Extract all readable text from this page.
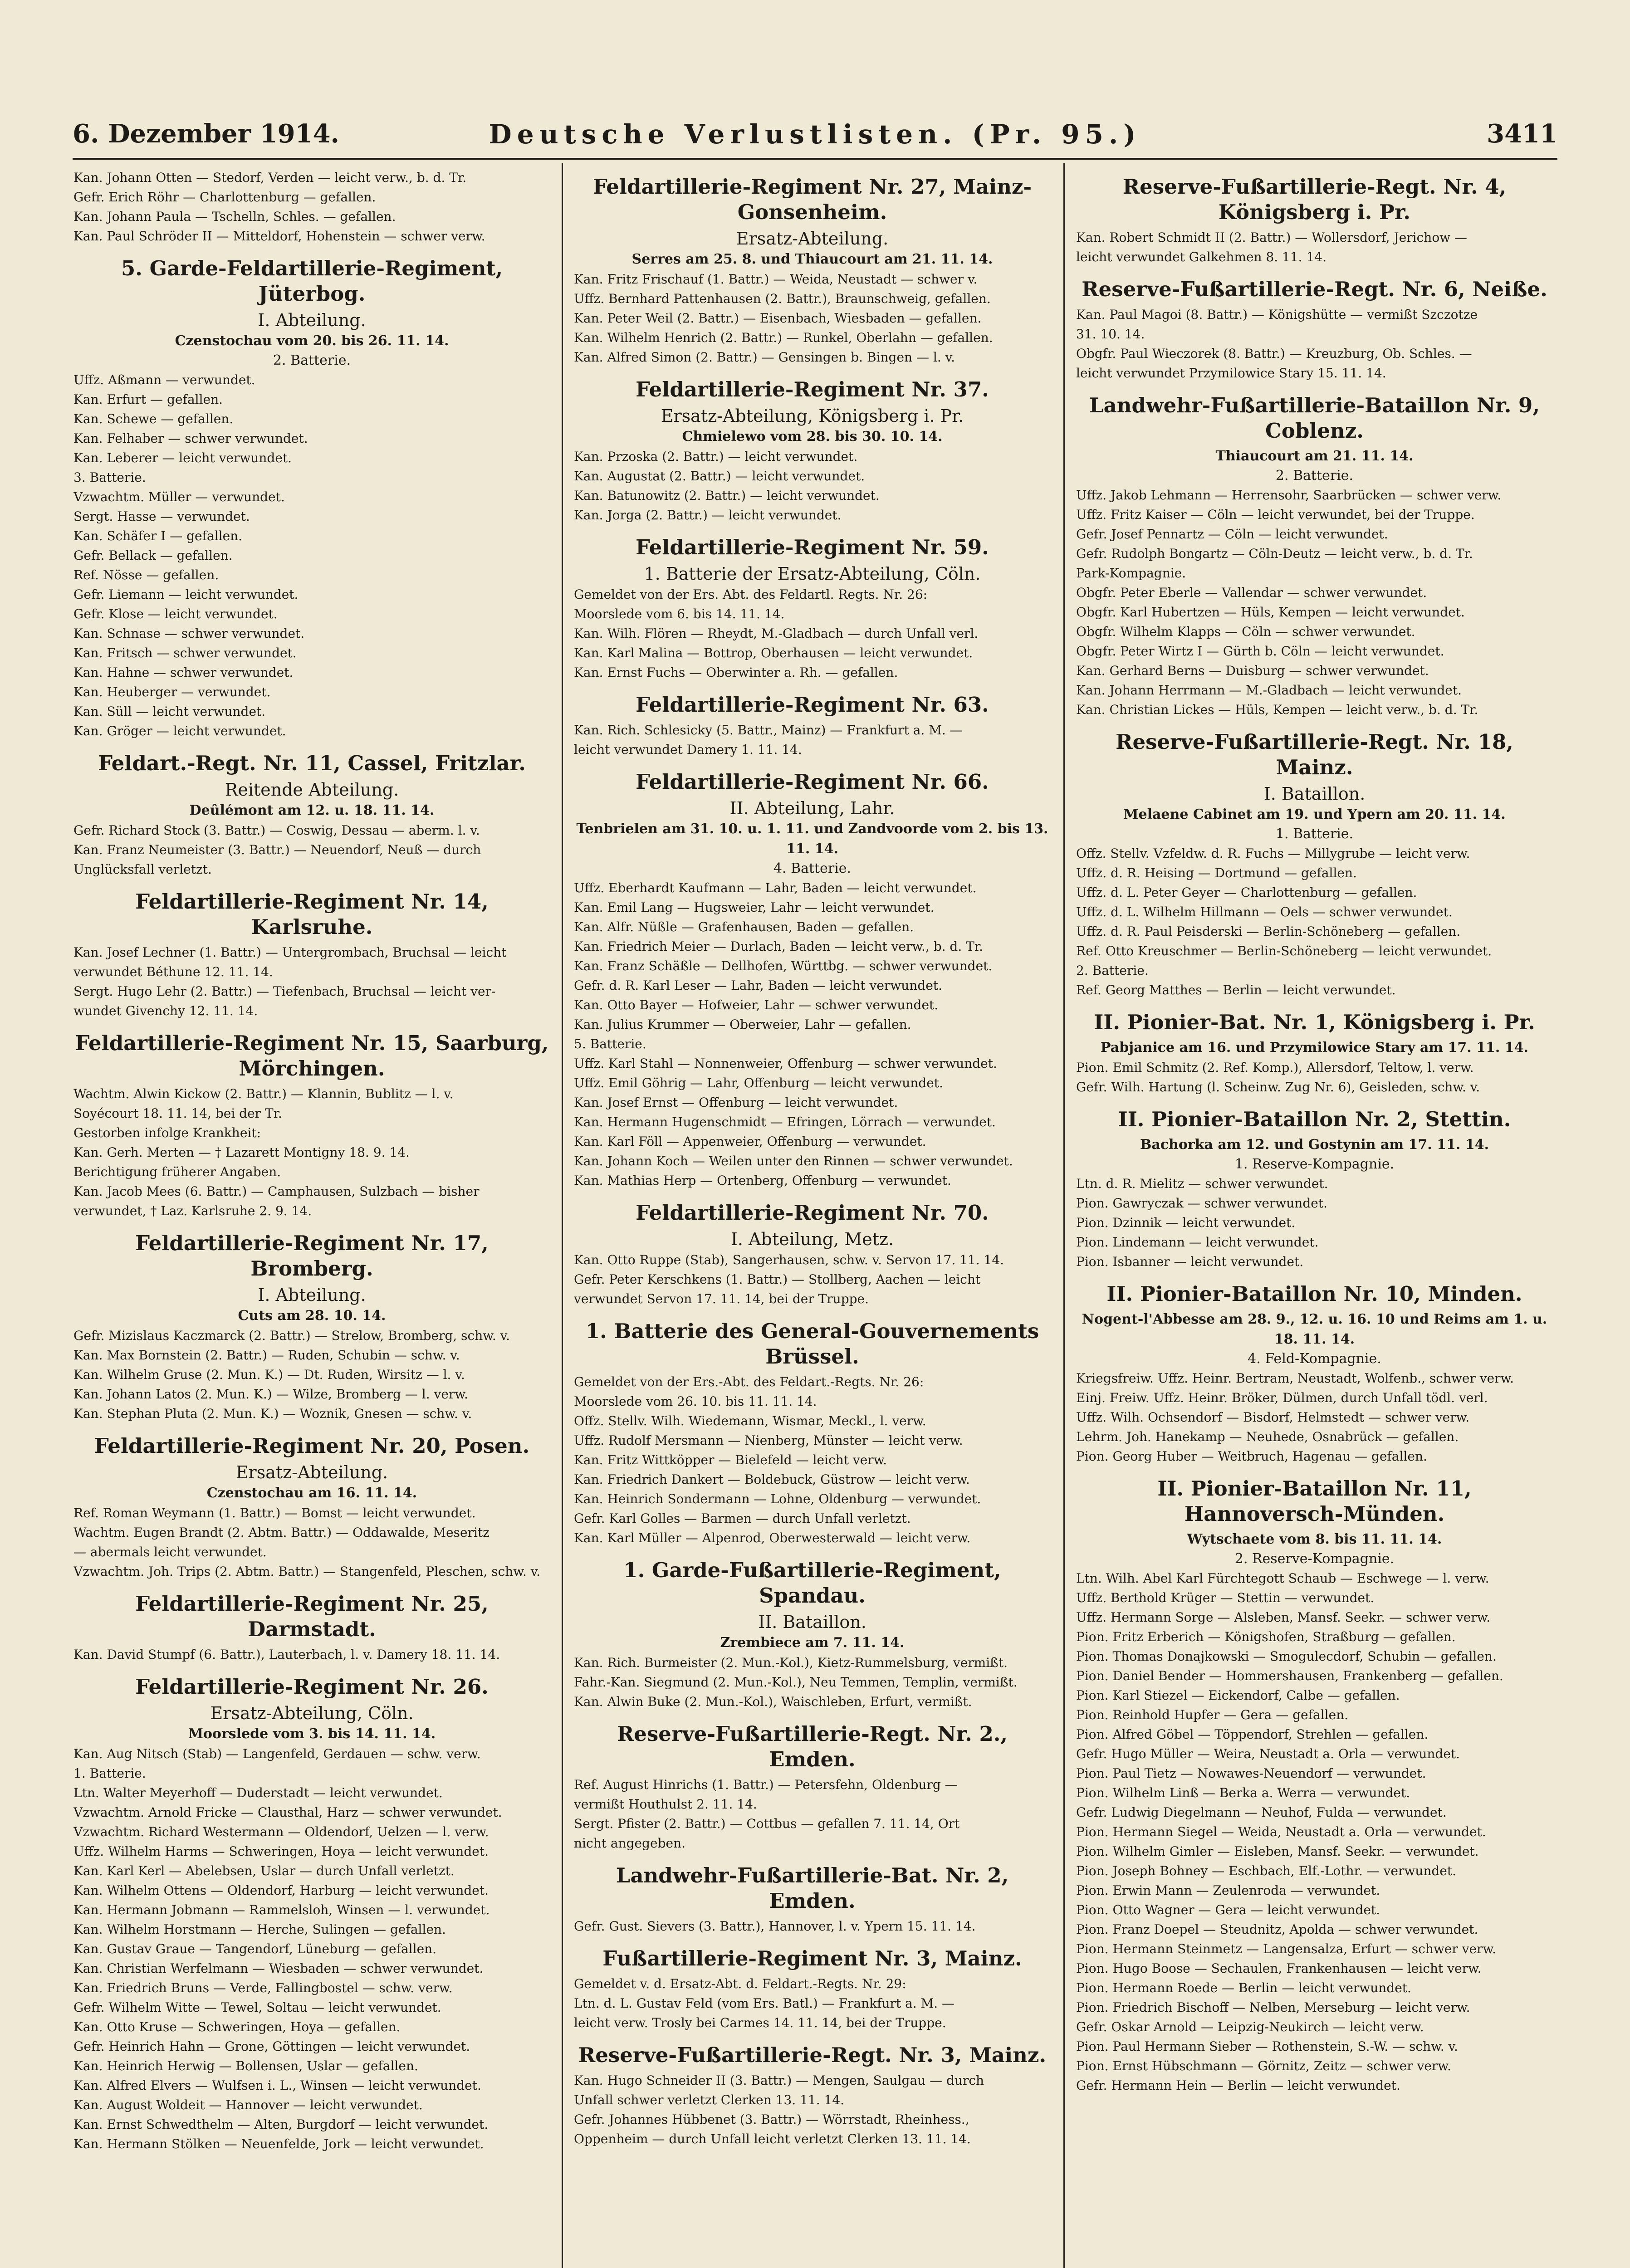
6. Dezember 1914.	Deutsche Verlustlisten. (Pr. 95.)	3411
Kan. Johann Otten — Stedorf, Verden — leicht verw., b. d. Tr.
Gefr. Erich Röhr — Charlottenburg — gefallen.
Kan. Johann Paula — Tschelln, Schles. — gefallen.
Kan. Paul Schröder II — Mitteldorf, Hohenstein — schwer verw.
5. Garde-Feldartillerie-Regiment, Jüterbog.
I. Abteilung.
Czenstochau vom 20. bis 26. 11. 14.
2. Batterie.
Uffz. Aßmann — verwundet.
Kan. Erfurt — gefallen.
Kan. Schewe — gefallen.
Kan. Felhaber — schwer verwundet.
Kan. Leberer — leicht verwundet.
3. Batterie.
Vzwachtm. Müller — verwundet.
Sergt. Hasse — verwundet.
Kan. Schäfer I — gefallen.
Gefr. Bellack — gefallen.
Ref. Nösse — gefallen.
Gefr. Liemann — leicht verwundet.
Gefr. Klose — leicht verwundet.
Kan. Schnase — schwer verwundet.
Kan. Fritsch — schwer verwundet.
Kan. Hahne — schwer verwundet.
Kan. Heuberger — verwundet.
Kan. Süll — leicht verwundet.
Kan. Gröger — leicht verwundet.
Feldart.-Regt. Nr. 11, Cassel, Fritzlar.
Reitende Abteilung.
Deûlémont am 12. u. 18. 11. 14.
Gefr. Richard Stock (3. Battr.) — Coswig, Dessau — aberm. l. v.
Kan. Franz Neumeister (3. Battr.) — Neuendorf, Neuß — durch
Unglücksfall verletzt.
Feldartillerie-Regiment Nr. 14, Karlsruhe.
Kan. Josef Lechner (1. Battr.) — Untergrombach, Bruchsal — leicht
verwundet Béthune 12. 11. 14.
Sergt. Hugo Lehr (2. Battr.) — Tiefenbach, Bruchsal — leicht ver-
wundet Givenchy 12. 11. 14.
Feldartillerie-Regiment Nr. 15, Saarburg, Mörchingen.
Wachtm. Alwin Kickow (2. Battr.) — Klannin, Bublitz — l. v.
Soyécourt 18. 11. 14, bei der Tr.
Gestorben infolge Krankheit:
Kan. Gerh. Merten — † Lazarett Montigny 18. 9. 14.
Berichtigung früherer Angaben.
Kan. Jacob Mees (6. Battr.) — Camphausen, Sulzbach — bisher
verwundet, † Laz. Karlsruhe 2. 9. 14.
Feldartillerie-Regiment Nr. 17, Bromberg.
I. Abteilung.
Cuts am 28. 10. 14.
Gefr. Mizislaus Kaczmarck (2. Battr.) — Strelow, Bromberg, schw. v.
Kan. Max Bornstein (2. Battr.) — Ruden, Schubin — schw. v.
Kan. Wilhelm Gruse (2. Mun. K.) — Dt. Ruden, Wirsitz — l. v.
Kan. Johann Latos (2. Mun. K.) — Wilze, Bromberg — l. verw.
Kan. Stephan Pluta (2. Mun. K.) — Woznik, Gnesen — schw. v.
Feldartillerie-Regiment Nr. 20, Posen.
Ersatz-Abteilung.
Czenstochau am 16. 11. 14.
Ref. Roman Weymann (1. Battr.) — Bomst — leicht verwundet.
Wachtm. Eugen Brandt (2. Abtm. Battr.) — Oddawalde, Meseritz
— abermals leicht verwundet.
Vzwachtm. Joh. Trips (2. Abtm. Battr.) — Stangenfeld, Pleschen, schw. v.
Feldartillerie-Regiment Nr. 25, Darmstadt.
Kan. David Stumpf (6. Battr.), Lauterbach, l. v. Damery 18. 11. 14.
Feldartillerie-Regiment Nr. 26.
Ersatz-Abteilung, Cöln.
Moorslede vom 3. bis 14. 11. 14.
Kan. Aug Nitsch (Stab) — Langenfeld, Gerdauen — schw. verw.
1. Batterie.
Ltn. Walter Meyerhoff — Duderstadt — leicht verwundet.
Vzwachtm. Arnold Fricke — Clausthal, Harz — schwer verwundet.
Vzwachtm. Richard Westermann — Oldendorf, Uelzen — l. verw.
Uffz. Wilhelm Harms — Schweringen, Hoya — leicht verwundet.
Kan. Karl Kerl — Abelebsen, Uslar — durch Unfall verletzt.
Kan. Wilhelm Ottens — Oldendorf, Harburg — leicht verwundet.
Kan. Hermann Jobmann — Rammelsloh, Winsen — l. verwundet.
Kan. Wilhelm Horstmann — Herche, Sulingen — gefallen.
Kan. Gustav Graue — Tangendorf, Lüneburg — gefallen.
Kan. Christian Werfelmann — Wiesbaden — schwer verwundet.
Kan. Friedrich Bruns — Verde, Fallingbostel — schw. verw.
Gefr. Wilhelm Witte — Tewel, Soltau — leicht verwundet.
Kan. Otto Kruse — Schweringen, Hoya — gefallen.
Gefr. Heinrich Hahn — Grone, Göttingen — leicht verwundet.
Kan. Heinrich Herwig — Bollensen, Uslar — gefallen.
Kan. Alfred Elvers — Wulfsen i. L., Winsen — leicht verwundet.
Kan. August Woldeit — Hannover — leicht verwundet.
Kan. Ernst Schwedthelm — Alten, Burgdorf — leicht verwundet.
Kan. Hermann Stölken — Neuenfelde, Jork — leicht verwundet.
Feldartillerie-Regiment Nr. 27, Mainz-Gonsenheim.
Ersatz-Abteilung.
Serres am 25. 8. und Thiaucourt am 21. 11. 14.
Kan. Fritz Frischauf (1. Battr.) — Weida, Neustadt — schwer v.
Uffz. Bernhard Pattenhausen (2. Battr.), Braunschweig, gefallen.
Kan. Peter Weil (2. Battr.) — Eisenbach, Wiesbaden — gefallen.
Kan. Wilhelm Henrich (2. Battr.) — Runkel, Oberlahn — gefallen.
Kan. Alfred Simon (2. Battr.) — Gensingen b. Bingen — l. v.
Feldartillerie-Regiment Nr. 37.
Ersatz-Abteilung, Königsberg i. Pr.
Chmielewo vom 28. bis 30. 10. 14.
Kan. Przoska (2. Battr.) — leicht verwundet.
Kan. Augustat (2. Battr.) — leicht verwundet.
Kan. Batunowitz (2. Battr.) — leicht verwundet.
Kan. Jorga (2. Battr.) — leicht verwundet.
Feldartillerie-Regiment Nr. 59.
1. Batterie der Ersatz-Abteilung, Cöln.
Gemeldet von der Ers. Abt. des Feldartl. Regts. Nr. 26:
Moorslede vom 6. bis 14. 11. 14.
Kan. Wilh. Flören — Rheydt, M.-Gladbach — durch Unfall verl.
Kan. Karl Malina — Bottrop, Oberhausen — leicht verwundet.
Kan. Ernst Fuchs — Oberwinter a. Rh. — gefallen.
Feldartillerie-Regiment Nr. 63.
Kan. Rich. Schlesicky (5. Battr., Mainz) — Frankfurt a. M. —
leicht verwundet Damery 1. 11. 14.
Feldartillerie-Regiment Nr. 66.
II. Abteilung, Lahr.
Tenbrielen am 31. 10. u. 1. 11. und Zandvoorde vom 2. bis 13. 11. 14.
4. Batterie.
Uffz. Eberhardt Kaufmann — Lahr, Baden — leicht verwundet.
Kan. Emil Lang — Hugsweier, Lahr — leicht verwundet.
Kan. Alfr. Nüßle — Grafenhausen, Baden — gefallen.
Kan. Friedrich Meier — Durlach, Baden — leicht verw., b. d. Tr.
Kan. Franz Schäßle — Dellhofen, Württbg. — schwer verwundet.
Gefr. d. R. Karl Leser — Lahr, Baden — leicht verwundet.
Kan. Otto Bayer — Hofweier, Lahr — schwer verwundet.
Kan. Julius Krummer — Oberweier, Lahr — gefallen.
5. Batterie.
Uffz. Karl Stahl — Nonnenweier, Offenburg — schwer verwundet.
Uffz. Emil Göhrig — Lahr, Offenburg — leicht verwundet.
Kan. Josef Ernst — Offenburg — leicht verwundet.
Kan. Hermann Hugenschmidt — Efringen, Lörrach — verwundet.
Kan. Karl Föll — Appenweier, Offenburg — verwundet.
Kan. Johann Koch — Weilen unter den Rinnen — schwer verwundet.
Kan. Mathias Herp — Ortenberg, Offenburg — verwundet.
Feldartillerie-Regiment Nr. 70.
I. Abteilung, Metz.
Kan. Otto Ruppe (Stab), Sangerhausen, schw. v. Servon 17. 11. 14.
Gefr. Peter Kerschkens (1. Battr.) — Stollberg, Aachen — leicht
verwundet Servon 17. 11. 14, bei der Truppe.
1. Batterie des General-Gouvernements Brüssel.
Gemeldet von der Ers.-Abt. des Feldart.-Regts. Nr. 26:
Moorslede vom 26. 10. bis 11. 11. 14.
Offz. Stellv. Wilh. Wiedemann, Wismar, Meckl., l. verw.
Uffz. Rudolf Mersmann — Nienberg, Münster — leicht verw.
Kan. Fritz Wittköpper — Bielefeld — leicht verw.
Kan. Friedrich Dankert — Boldebuck, Güstrow — leicht verw.
Kan. Heinrich Sondermann — Lohne, Oldenburg — verwundet.
Gefr. Karl Golles — Barmen — durch Unfall verletzt.
Kan. Karl Müller — Alpenrod, Oberwesterwald — leicht verw.
1. Garde-Fußartillerie-Regiment, Spandau.
II. Bataillon.
Zrembiece am 7. 11. 14.
Kan. Rich. Burmeister (2. Mun.-Kol.), Kietz-Rummelsburg, vermißt.
Fahr.-Kan. Siegmund (2. Mun.-Kol.), Neu Temmen, Templin, vermißt.
Kan. Alwin Buke (2. Mun.-Kol.), Waischleben, Erfurt, vermißt.
Reserve-Fußartillerie-Regt. Nr. 2., Emden.
Ref. August Hinrichs (1. Battr.) — Petersfehn, Oldenburg —
vermißt Houthulst 2. 11. 14.
Sergt. Pfister (2. Battr.) — Cottbus — gefallen 7. 11. 14, Ort
nicht angegeben.
Landwehr-Fußartillerie-Bat. Nr. 2, Emden.
Gefr. Gust. Sievers (3. Battr.), Hannover, l. v. Ypern 15. 11. 14.
Fußartillerie-Regiment Nr. 3, Mainz.
Gemeldet v. d. Ersatz-Abt. d. Feldart.-Regts. Nr. 29:
Ltn. d. L. Gustav Feld (vom Ers. Batl.) — Frankfurt a. M. —
leicht verw. Trosly bei Carmes 14. 11. 14, bei der Truppe.
Reserve-Fußartillerie-Regt. Nr. 3, Mainz.
Kan. Hugo Schneider II (3. Battr.) — Mengen, Saulgau — durch
Unfall schwer verletzt Clerken 13. 11. 14.
Gefr. Johannes Hübbenet (3. Battr.) — Wörrstadt, Rheinhess.,
Oppenheim — durch Unfall leicht verletzt Clerken 13. 11. 14.
Reserve-Fußartillerie-Regt. Nr. 4, Königsberg i. Pr.
Kan. Robert Schmidt II (2. Battr.) — Wollersdorf, Jerichow —
leicht verwundet Galkehmen 8. 11. 14.
Reserve-Fußartillerie-Regt. Nr. 6, Neiße.
Kan. Paul Magoi (8. Battr.) — Königshütte — vermißt Szczotze
31. 10. 14.
Obgfr. Paul Wieczorek (8. Battr.) — Kreuzburg, Ob. Schles. —
leicht verwundet Przymilowice Stary 15. 11. 14.
Landwehr-Fußartillerie-Bataillon Nr. 9, Coblenz.
Thiaucourt am 21. 11. 14.
2. Batterie.
Uffz. Jakob Lehmann — Herrensohr, Saarbrücken — schwer verw.
Uffz. Fritz Kaiser — Cöln — leicht verwundet, bei der Truppe.
Gefr. Josef Pennartz — Cöln — leicht verwundet.
Gefr. Rudolph Bongartz — Cöln-Deutz — leicht verw., b. d. Tr.
Park-Kompagnie.
Obgfr. Peter Eberle — Vallendar — schwer verwundet.
Obgfr. Karl Hubertzen — Hüls, Kempen — leicht verwundet.
Obgfr. Wilhelm Klapps — Cöln — schwer verwundet.
Obgfr. Peter Wirtz I — Gürth b. Cöln — leicht verwundet.
Kan. Gerhard Berns — Duisburg — schwer verwundet.
Kan. Johann Herrmann — M.-Gladbach — leicht verwundet.
Kan. Christian Lickes — Hüls, Kempen — leicht verw., b. d. Tr.
Reserve-Fußartillerie-Regt. Nr. 18, Mainz.
I. Bataillon.
Melaene Cabinet am 19. und Ypern am 20. 11. 14.
1. Batterie.
Offz. Stellv. Vzfeldw. d. R. Fuchs — Millygrube — leicht verw.
Uffz. d. R. Heising — Dortmund — gefallen.
Uffz. d. L. Peter Geyer — Charlottenburg — gefallen.
Uffz. d. L. Wilhelm Hillmann — Oels — schwer verwundet.
Uffz. d. R. Paul Peisderski — Berlin-Schöneberg — gefallen.
Ref. Otto Kreuschmer — Berlin-Schöneberg — leicht verwundet.
2. Batterie.
Ref. Georg Matthes — Berlin — leicht verwundet.
II. Pionier-Bat. Nr. 1, Königsberg i. Pr.
Pabjanice am 16. und Przymilowice Stary am 17. 11. 14.
Pion. Emil Schmitz (2. Ref. Komp.), Allersdorf, Teltow, l. verw.
Gefr. Wilh. Hartung (l. Scheinw. Zug Nr. 6), Geisleden, schw. v.
II. Pionier-Bataillon Nr. 2, Stettin.
Bachorka am 12. und Gostynin am 17. 11. 14.
1. Reserve-Kompagnie.
Ltn. d. R. Mielitz — schwer verwundet.
Pion. Gawryczak — schwer verwundet.
Pion. Dzinnik — leicht verwundet.
Pion. Lindemann — leicht verwundet.
Pion. Isbanner — leicht verwundet.
II. Pionier-Bataillon Nr. 10, Minden.
Nogent-l'Abbesse am 28. 9., 12. u. 16. 10 und Reims am 1. u. 18. 11. 14.
4. Feld-Kompagnie.
Kriegsfreiw. Uffz. Heinr. Bertram, Neustadt, Wolfenb., schwer verw.
Einj. Freiw. Uffz. Heinr. Bröker, Dülmen, durch Unfall tödl. verl.
Uffz. Wilh. Ochsendorf — Bisdorf, Helmstedt — schwer verw.
Lehrm. Joh. Hanekamp — Neuhede, Osnabrück — gefallen.
Pion. Georg Huber — Weitbruch, Hagenau — gefallen.
II. Pionier-Bataillon Nr. 11, Hannoversch-Münden.
Wytschaete vom 8. bis 11. 11. 14.
2. Reserve-Kompagnie.
Ltn. Wilh. Abel Karl Fürchtegott Schaub — Eschwege — l. verw.
Uffz. Berthold Krüger — Stettin — verwundet.
Uffz. Hermann Sorge — Alsleben, Mansf. Seekr. — schwer verw.
Pion. Fritz Erberich — Königshofen, Straßburg — gefallen.
Pion. Thomas Donajkowski — Smogulecdorf, Schubin — gefallen.
Pion. Daniel Bender — Hommershausen, Frankenberg — gefallen.
Pion. Karl Stiezel — Eickendorf, Calbe — gefallen.
Pion. Reinhold Hupfer — Gera — gefallen.
Pion. Alfred Göbel — Töppendorf, Strehlen — gefallen.
Gefr. Hugo Müller — Weira, Neustadt a. Orla — verwundet.
Pion. Paul Tietz — Nowawes-Neuendorf — verwundet.
Pion. Wilhelm Linß — Berka a. Werra — verwundet.
Gefr. Ludwig Diegelmann — Neuhof, Fulda — verwundet.
Pion. Hermann Siegel — Weida, Neustadt a. Orla — verwundet.
Pion. Wilhelm Gimler — Eisleben, Mansf. Seekr. — verwundet.
Pion. Joseph Bohney — Eschbach, Elf.-Lothr. — verwundet.
Pion. Erwin Mann — Zeulenroda — verwundet.
Pion. Otto Wagner — Gera — leicht verwundet.
Pion. Franz Doepel — Steudnitz, Apolda — schwer verwundet.
Pion. Hermann Steinmetz — Langensalza, Erfurt — schwer verw.
Pion. Hugo Boose — Sechaulen, Frankenhausen — leicht verw.
Pion. Hermann Roede — Berlin — leicht verwundet.
Pion. Friedrich Bischoff — Nelben, Merseburg — leicht verw.
Gefr. Oskar Arnold — Leipzig-Neukirch — leicht verw.
Pion. Paul Hermann Sieber — Rothenstein, S.-W. — schw. v.
Pion. Ernst Hübschmann — Görnitz, Zeitz — schwer verw.
Gefr. Hermann Hein — Berlin — leicht verwundet.
